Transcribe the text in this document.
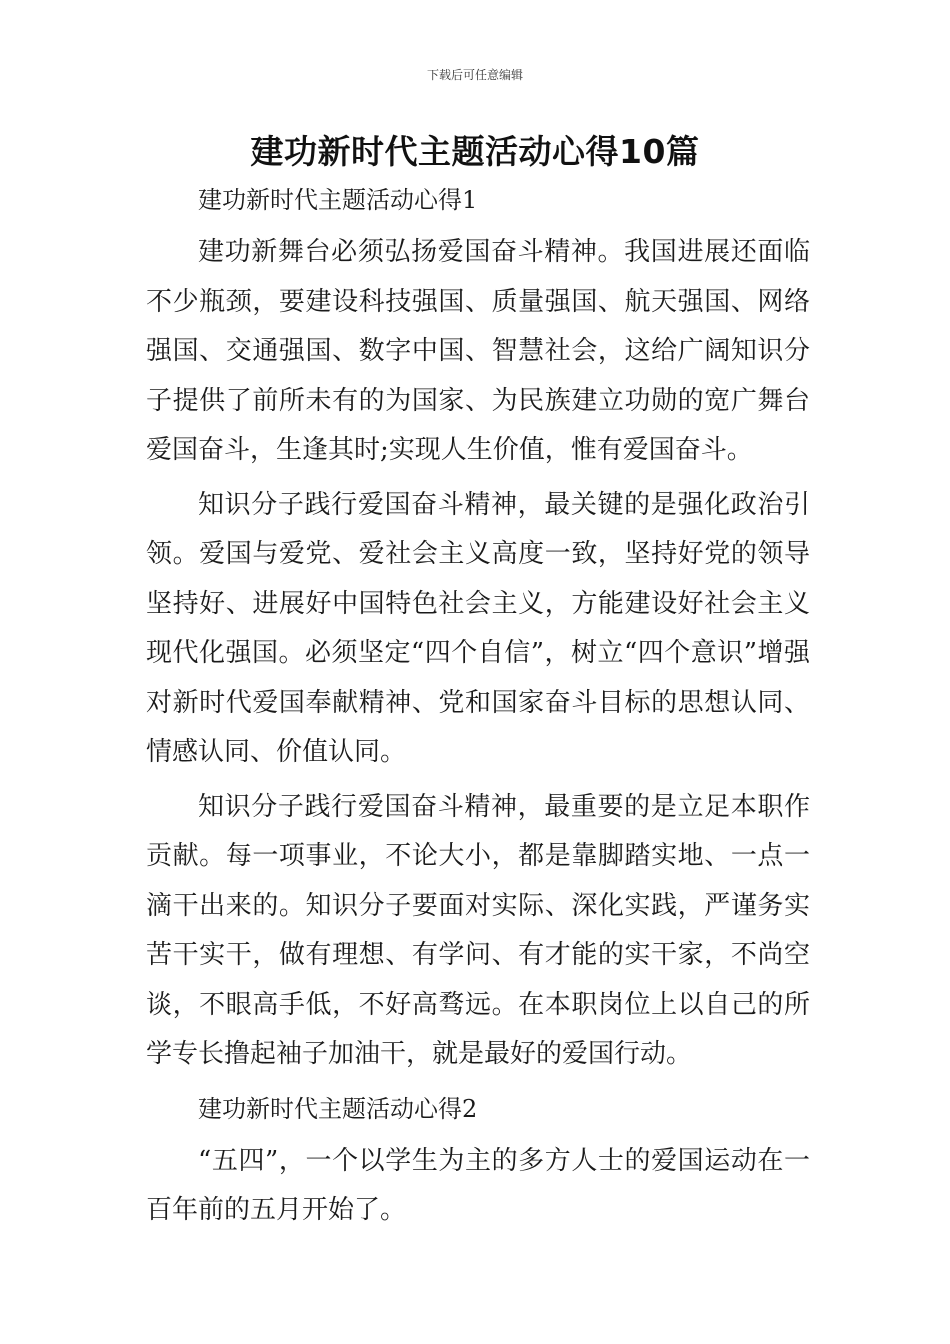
下载后可任意编辑
建功新时代主题活动心得10篇

建功新时代主题活动心得1

建功新舞台必须弘扬爱国奋斗精神。我国进展还面临不少瓶颈，要建设科技强国、质量强国、航天强国、网络强国、交通强国、数字中国、智慧社会，这给广阔知识分子提供了前所未有的为国家、为民族建立功勋的宽广舞台爱国奋斗，生逢其时;实现人生价值，惟有爱国奋斗。

知识分子践行爱国奋斗精神，最关键的是强化政治引领。爱国与爱党、爱社会主义高度一致，坚持好党的领导坚持好、进展好中国特色社会主义，方能建设好社会主义现代化强国。必须坚定“四个自信”，树立“四个意识”增强对新时代爱国奉献精神、党和国家奋斗目标的思想认同、情感认同、价值认同。

知识分子践行爱国奋斗精神，最重要的是立足本职作贡献。每一项事业，不论大小，都是靠脚踏实地、一点一滴干出来的。知识分子要面对实际、深化实践，严谨务实苦干实干，做有理想、有学问、有才能的实干家，不尚空谈，不眼高手低，不好高骛远。在本职岗位上以自己的所学专长撸起袖子加油干，就是最好的爱国行动。

建功新时代主题活动心得2

“五四”，一个以学生为主的多方人士的爱国运动在一百年前的五月开始了。
